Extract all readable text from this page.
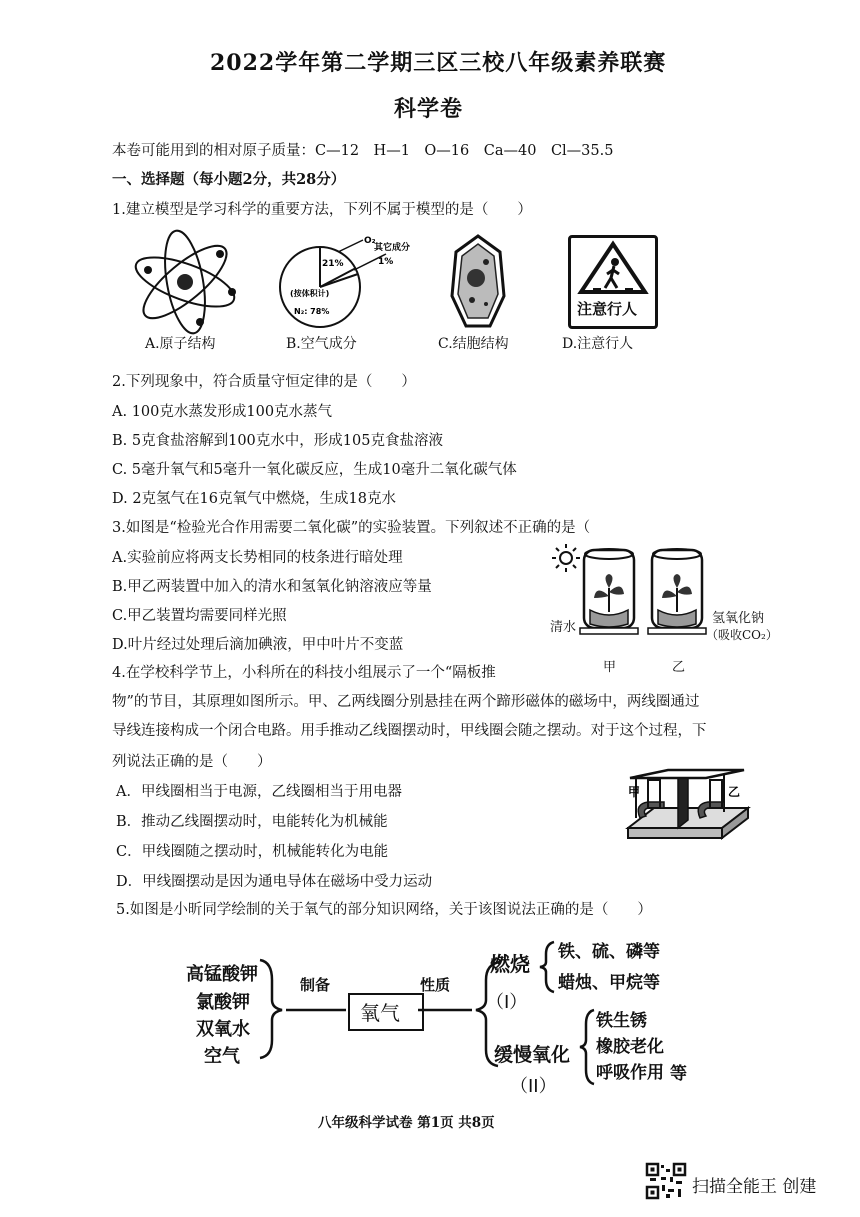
2022学年第二学期三区三校八年级素养联赛
科学卷
本卷可能用到的相对原子质量：C—12　H—1　O—16　Ca—40　Cl—35.5
一、选择题（每小题2分，共28分）
1.建立模型是学习科学的重要方法，下列不属于模型的是（　　）
O₂
21%
其它成分
1%
(按体积计)
N₂: 78%	注意行人
A.原子结构	B.空气成分	C.结胞结构	D.注意行人
2.下列现象中，符合质量守恒定律的是（　　）
A. 100克水蒸发形成100克水蒸气
B. 5克食盐溶解到100克水中，形成105克食盐溶液
C. 5毫升氧气和5毫升一氧化碳反应，生成10毫升二氧化碳气体
D. 2克氢气在16克氧气中燃烧，生成18克水
3.如图是“检验光合作用需要二氧化碳”的实验装置。下列叙述不正确的是（
A.实验前应将两支长势相同的枝条进行暗处理
B.甲乙两装置中加入的清水和氢氧化钠溶液应等量
C.甲乙装置均需要同样光照
D.叶片经过处理后滴加碘液，甲中叶片不变蓝
清水
氢氧化钠
（吸收CO₂）
甲	乙
4.在学校科学节上，小科所在的科技小组展示了一个“隔板推
物”的节目，其原理如图所示。甲、乙两线圈分别悬挂在两个蹄形磁体的磁场中，两线圈通过
导线连接构成一个闭合电路。用手推动乙线圈摆动时，甲线圈会随之摆动。对于这个过程，下
列说法正确的是（　　）
A．甲线圈相当于电源，乙线圈相当于用电器
B．推动乙线圈摆动时，电能转化为机械能
C．甲线圈随之摆动时，机械能转化为电能
D．甲线圈摆动是因为通电导体在磁场中受力运动
甲	乙
5.如图是小昕同学绘制的关于氧气的部分知识网络，关于该图说法正确的是（　　）
高锰酸钾
氯酸钾
双氧水
空气
制备
氧气
性质
燃烧
（I）
铁、硫、磷等
蜡烛、甲烷等
缓慢氧化
（II）
铁生锈
橡胶老化
呼吸作用 等
八年级科学试卷 第1页 共8页
扫描全能王 创建
